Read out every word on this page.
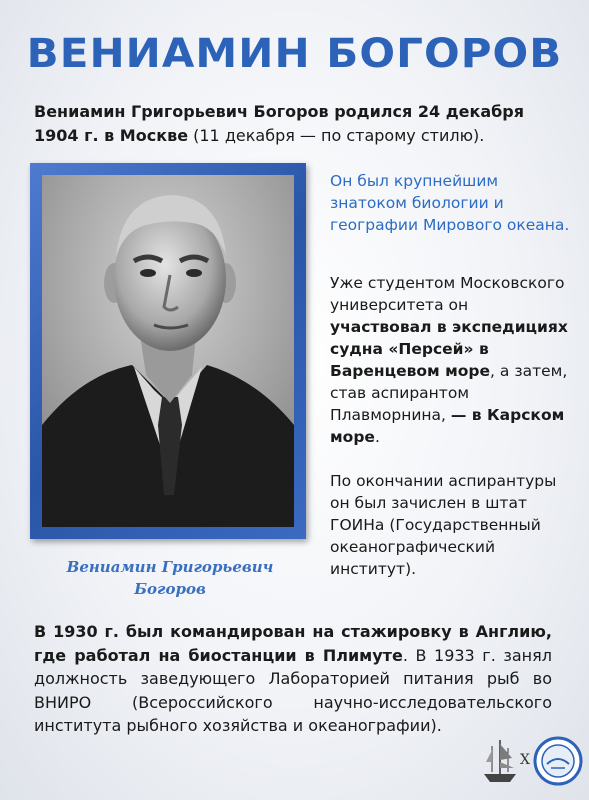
ВЕНИАМИН БОГОРОВ
Вениамин Григорьевич Богоров родился 24 декабря 1904 г. в Москве (11 декабря — по старому стилю).
Вениамин Григорьевич
Богоров
Он был крупнейшим знатоком биологии и географии Мирового океана.
Уже студентом Московского университета он участвовал в экспедициях судна «Персей» в Баренцевом море, а затем, став аспирантом Плавморнина, — в Карском море.
По окончании аспирантуры он был зачислен в штат ГОИНа (Государственный океанографический институт).
В 1930 г. был командирован на стажировку в Англию, где работал на биостанции в Плимуте. В 1933 г. занял должность заведующего Лабораторией питания рыб во ВНИРО (Всероссийского научно-исследовательского института рыбного хозяйства и океанографии).
X
